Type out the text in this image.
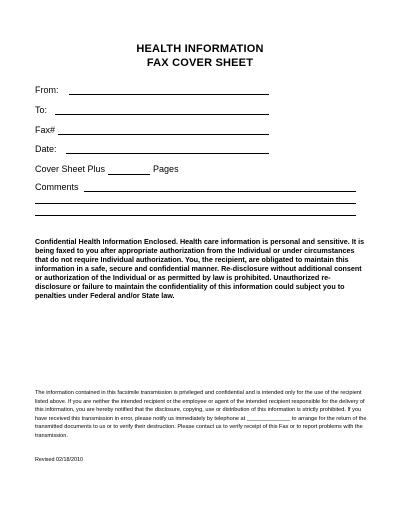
HEALTH INFORMATION
FAX COVER SHEET
From:
To:
Fax#
Date:
Cover Sheet Plus	Pages
Comments
Confidential Health Information Enclosed. Health care information is personal and sensitive. It is being faxed to you after appropriate authorization from the Individual or under circumstances that do not require Individual authorization. You, the recipient, are obligated to maintain this information in a safe, secure and confidential manner. Re-disclosure without additional consent or authorization of the Individual or as permitted by law is prohibited. Unauthorized re-disclosure or failure to maintain the confidentiality of this information could subject you to penalties under Federal and/or State law.
The information contained in this facsimile transmission is privileged and confidential and is intended only for the use of the recipient listed above. If you are neither the intended recipient or the employee or agent of the intended recipient responsible for the delivery of this information, you are hereby notified that the disclosure, copying, use or distribution of this information is strictly prohibited. If you have received this transmission in error, please notify us immediately by telephone at ______________ to arrange for the return of the transmitted documents to us or to verify their destruction. Please contact us to verify receipt of this Fax or to report problems with the transmission.
Revised 02/18/2010
